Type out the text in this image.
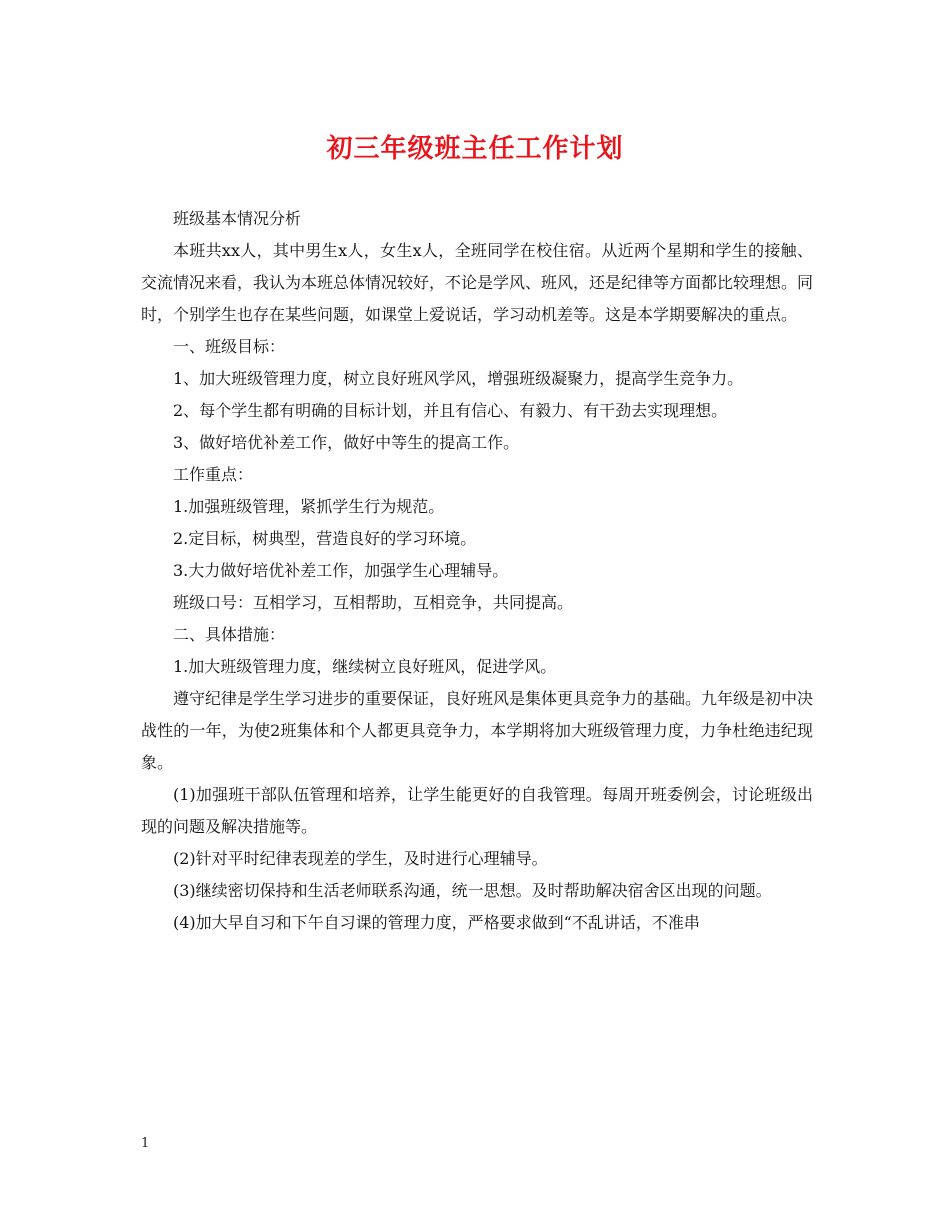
初三年级班主任工作计划

班级基本情况分析

本班共xx人，其中男生x人，女生x人，全班同学在校住宿。从近两个星期和学生的接触、交流情况来看，我认为本班总体情况较好，不论是学风、班风，还是纪律等方面都比较理想。同时，个别学生也存在某些问题，如课堂上爱说话，学习动机差等。这是本学期要解决的重点。

一、班级目标：

1、加大班级管理力度，树立良好班风学风，增强班级凝聚力，提高学生竞争力。

2、每个学生都有明确的目标计划，并且有信心、有毅力、有干劲去实现理想。

3、做好培优补差工作，做好中等生的提高工作。

工作重点：

1.加强班级管理，紧抓学生行为规范。

2.定目标，树典型，营造良好的学习环境。

3.大力做好培优补差工作，加强学生心理辅导。

班级口号：互相学习，互相帮助，互相竞争，共同提高。

二、具体措施：

1.加大班级管理力度，继续树立良好班风，促进学风。

遵守纪律是学生学习进步的重要保证，良好班风是集体更具竞争力的基础。九年级是初中决战性的一年，为使2班集体和个人都更具竞争力，本学期将加大班级管理力度，力争杜绝违纪现象。

(1)加强班干部队伍管理和培养，让学生能更好的自我管理。每周开班委例会，讨论班级出现的问题及解决措施等。

(2)针对平时纪律表现差的学生，及时进行心理辅导。

(3)继续密切保持和生活老师联系沟通，统一思想。及时帮助解决宿舍区出现的问题。

(4)加大早自习和下午自习课的管理力度，严格要求做到“不乱讲话，不准串

1
